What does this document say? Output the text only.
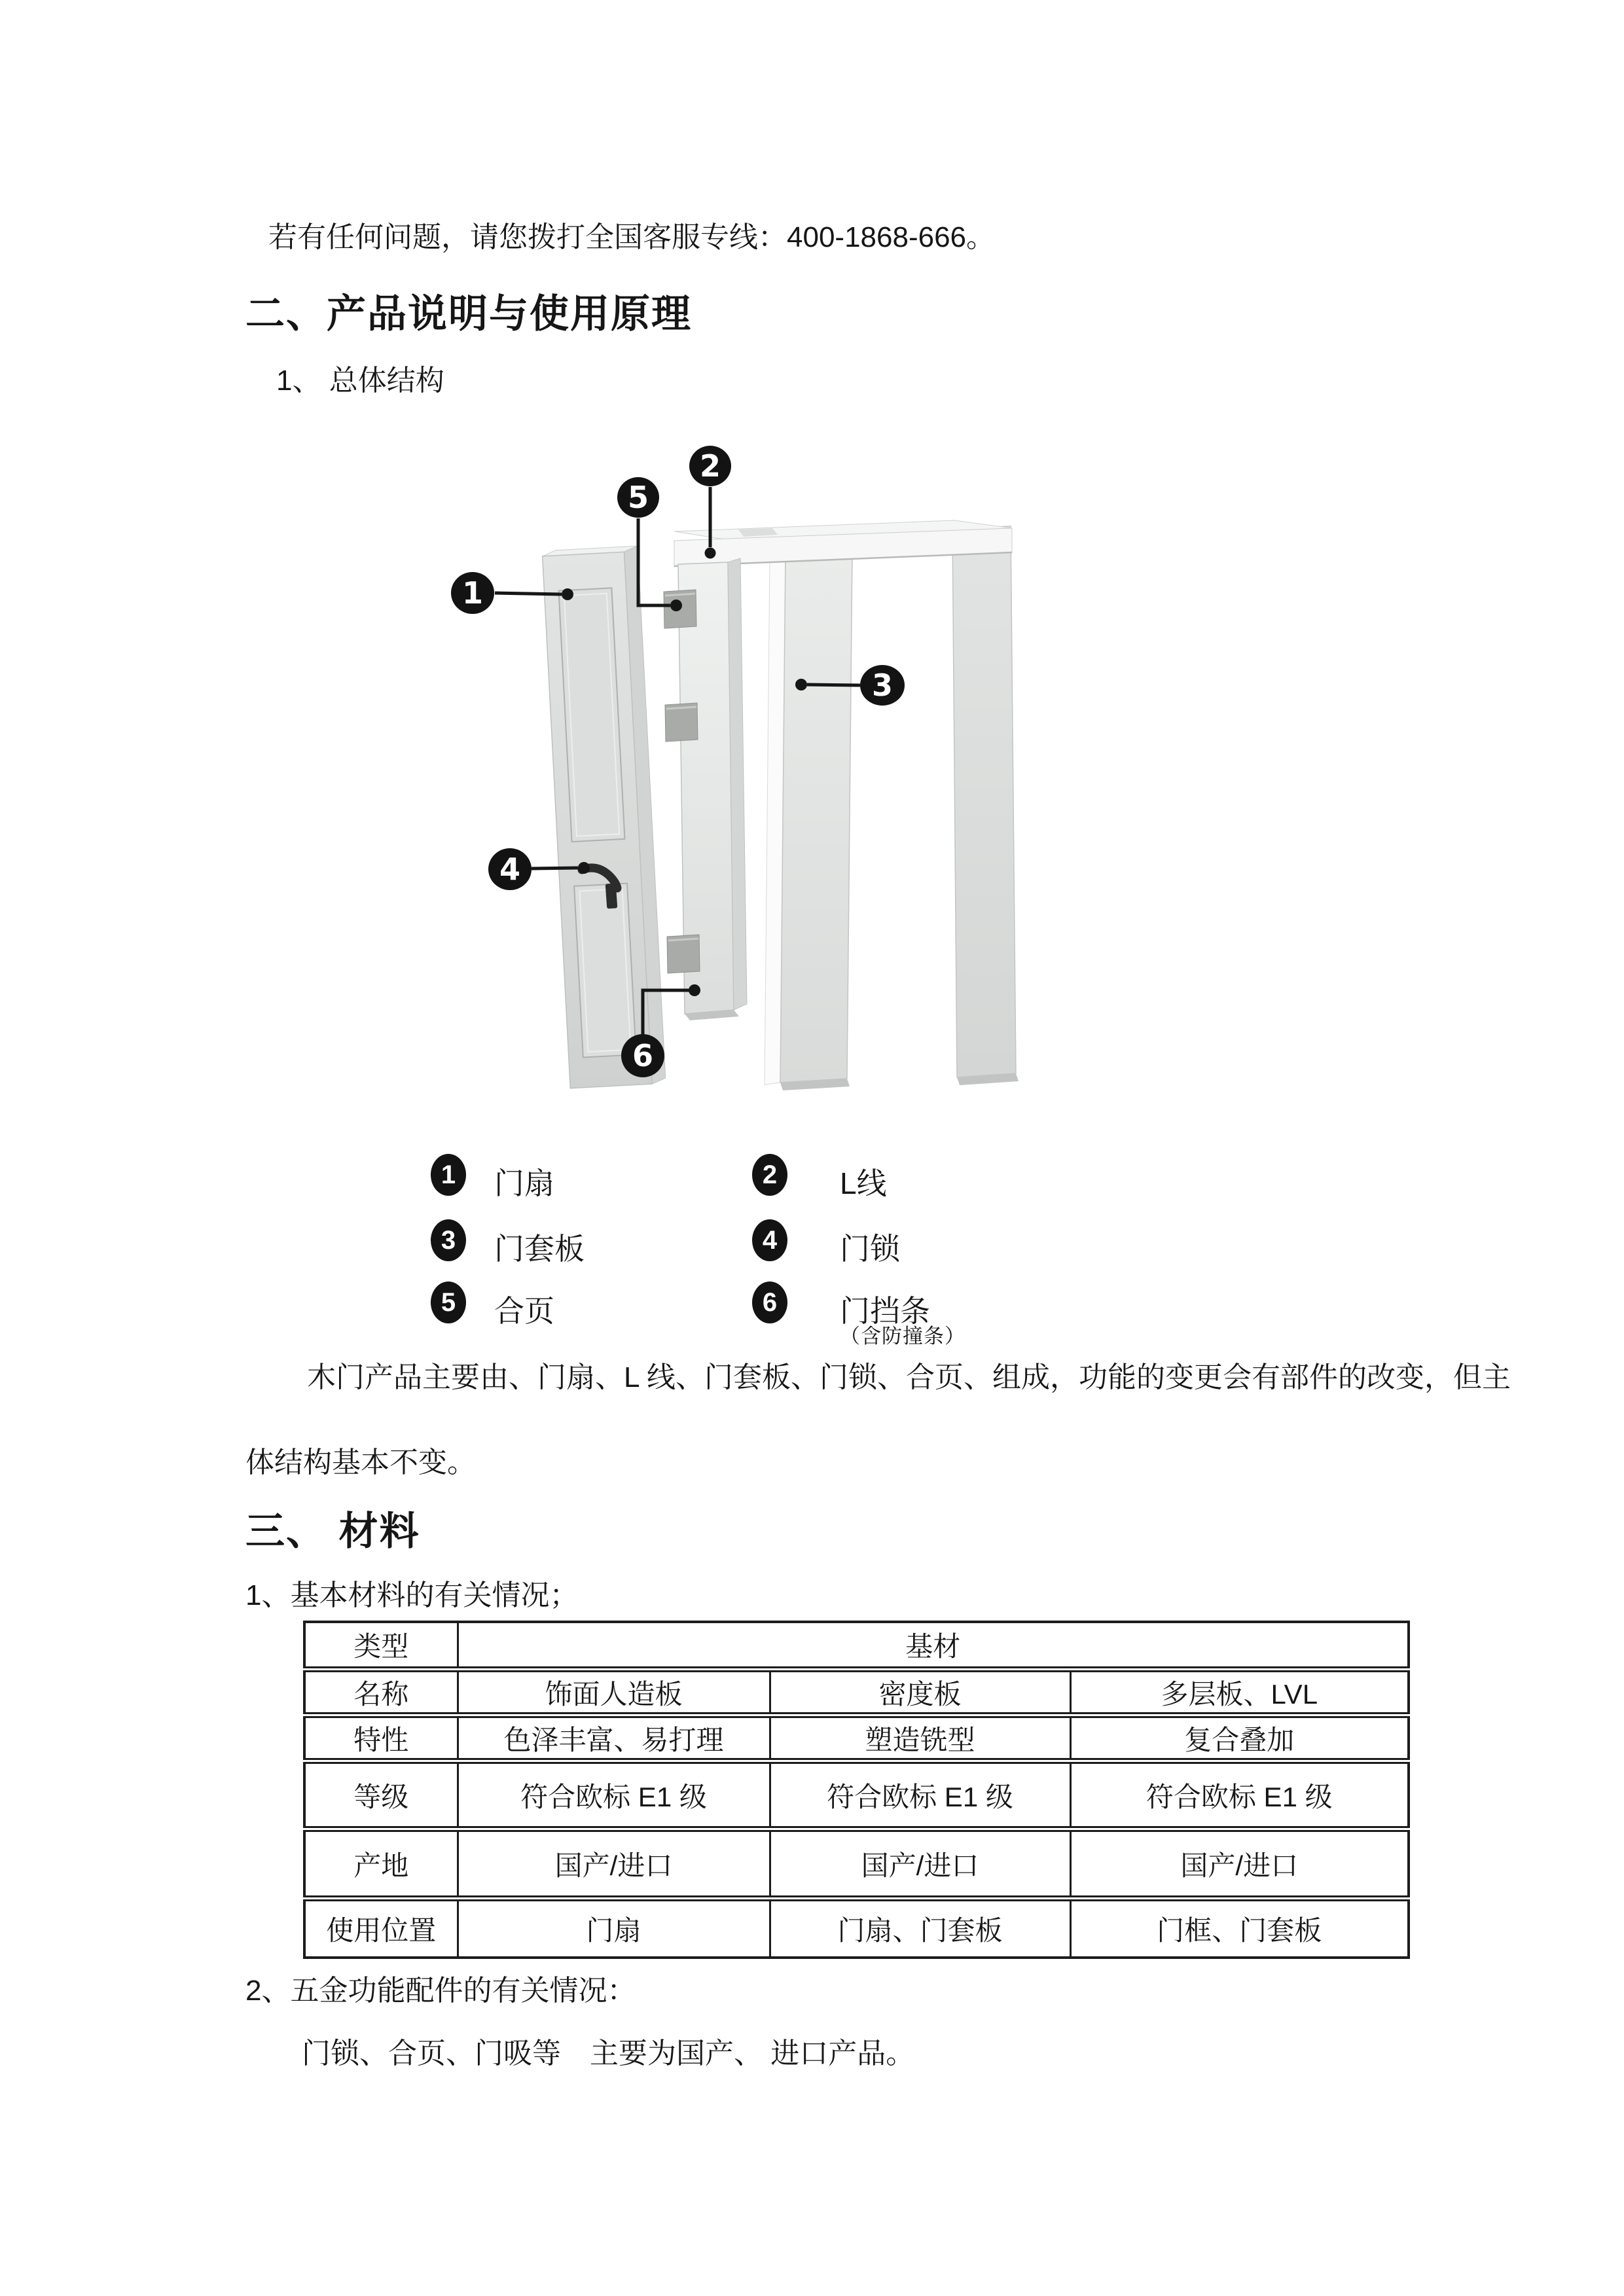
若有任何问题，请您拨打全国客服专线：400-1868-666。
二、产品说明与使用原理
1、 总体结构
1
2
3
4
5
6
1 门扇	2 L线
3 门套板	4 门锁
5 合页	6 门挡条
（含防撞条）
木门产品主要由、门扇、L 线、门套板、门锁、合页、组成，功能的变更会有部件的改变，但主
体结构基本不变。
三、 材料
1、基本材料的有关情况；
类型	基材		
名称	饰面人造板	密度板	多层板、LVL
特性	色泽丰富、易打理	塑造铣型	复合叠加
等级	符合欧标 E1 级	符合欧标 E1 级	符合欧标 E1 级
产地	国产/进口	国产/进口	国产/进口
使用位置	门扇	门扇、门套板	门框、门套板
2、五金功能配件的有关情况：
门锁、合页、门吸等　主要为国产、 进口产品。
